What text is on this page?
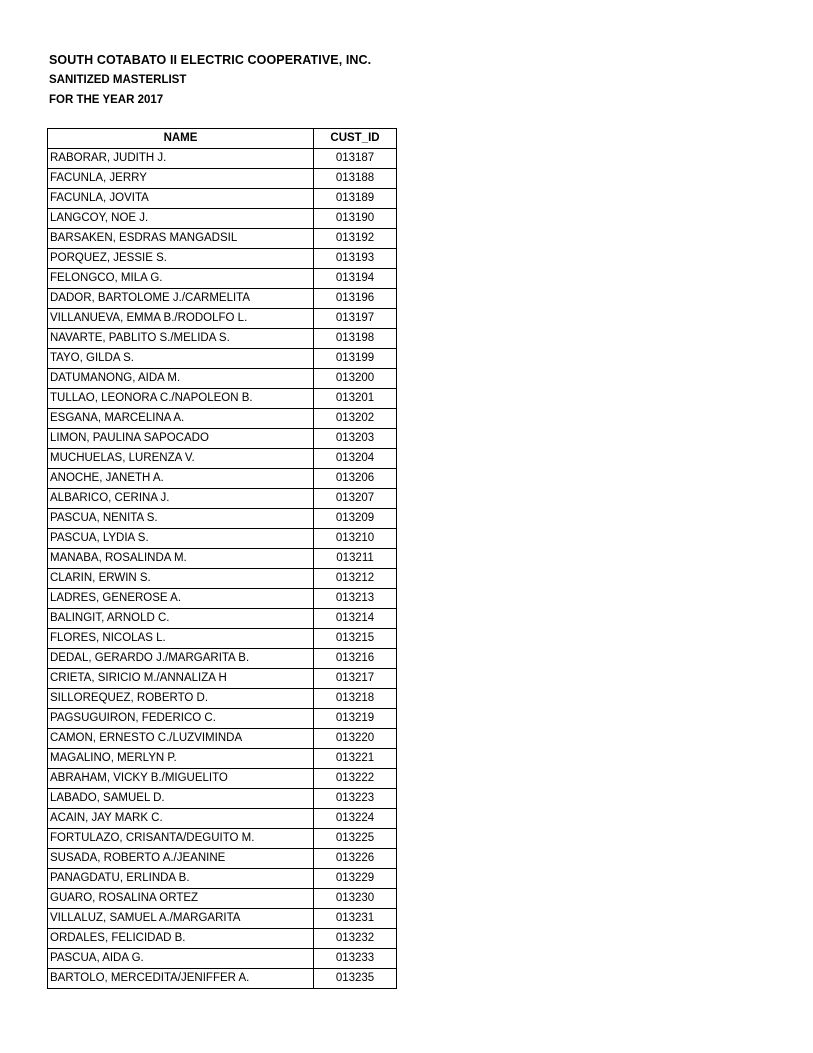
SOUTH COTABATO II ELECTRIC COOPERATIVE, INC.
SANITIZED MASTERLIST
FOR THE YEAR 2017
NAME	CUST_ID
RABORAR, JUDITH J.	013187
FACUNLA, JERRY	013188
FACUNLA, JOVITA	013189
LANGCOY, NOE J.	013190
BARSAKEN, ESDRAS MANGADSIL	013192
PORQUEZ, JESSIE S.	013193
FELONGCO, MILA G.	013194
DADOR, BARTOLOME J./CARMELITA	013196
VILLANUEVA, EMMA B./RODOLFO L.	013197
NAVARTE, PABLITO S./MELIDA S.	013198
TAYO, GILDA S.	013199
DATUMANONG, AIDA M.	013200
TULLAO, LEONORA C./NAPOLEON B.	013201
ESGANA, MARCELINA A.	013202
LIMON, PAULINA SAPOCADO	013203
MUCHUELAS, LURENZA V.	013204
ANOCHE, JANETH A.	013206
ALBARICO, CERINA J.	013207
PASCUA, NENITA S.	013209
PASCUA, LYDIA S.	013210
MANABA, ROSALINDA M.	013211
CLARIN, ERWIN S.	013212
LADRES, GENEROSE A.	013213
BALINGIT, ARNOLD C.	013214
FLORES, NICOLAS L.	013215
DEDAL, GERARDO J./MARGARITA B.	013216
CRIETA, SIRICIO M./ANNALIZA H	013217
SILLOREQUEZ, ROBERTO D.	013218
PAGSUGUIRON, FEDERICO C.	013219
CAMON, ERNESTO C./LUZVIMINDA	013220
MAGALINO, MERLYN P.	013221
ABRAHAM, VICKY B./MIGUELITO	013222
LABADO, SAMUEL D.	013223
ACAIN, JAY MARK C.	013224
FORTULAZO, CRISANTA/DEGUITO M.	013225
SUSADA, ROBERTO A./JEANINE	013226
PANAGDATU, ERLINDA B.	013229
GUARO, ROSALINA ORTEZ	013230
VILLALUZ, SAMUEL A./MARGARITA	013231
ORDALES, FELICIDAD B.	013232
PASCUA, AIDA G.	013233
BARTOLO, MERCEDITA/JENIFFER A.	013235
